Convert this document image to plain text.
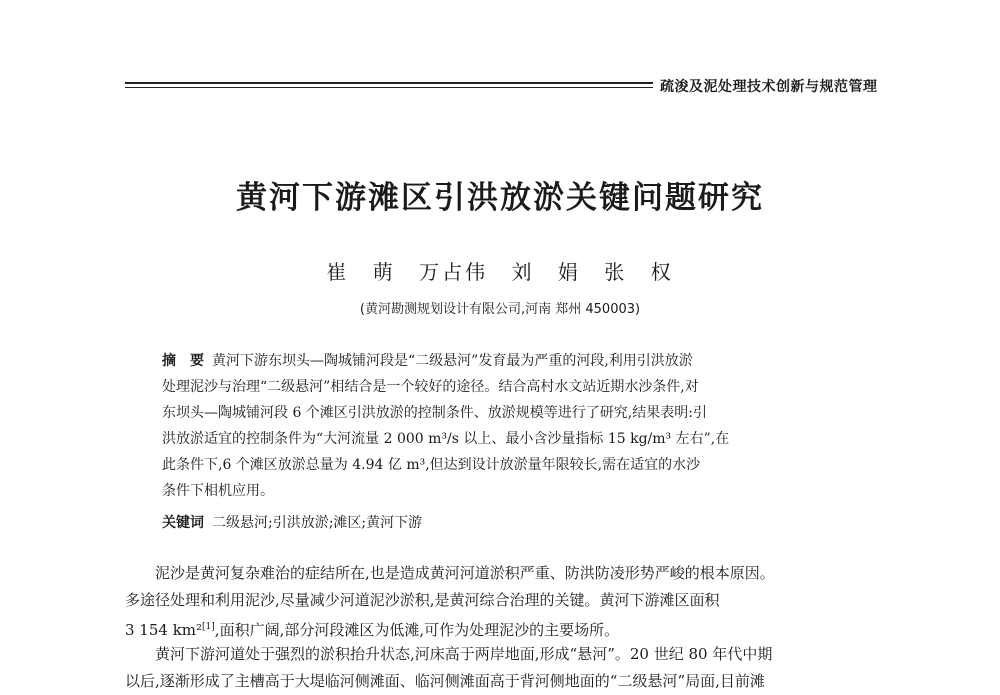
疏浚及泥处理技术创新与规范管理
黄河下游滩区引洪放淤关键问题研究
崔 萌 万占伟 刘 娟 张 权
(黄河勘测规划设计有限公司,河南 郑州 450003)
摘　要 黄河下游东坝头—陶城铺河段是“二级悬河”发育最为严重的河段,利用引洪放淤
处理泥沙与治理“二级悬河”相结合是一个较好的途径。结合高村水文站近期水沙条件,对
东坝头—陶城铺河段 6 个滩区引洪放淤的控制条件、放淤规模等进行了研究,结果表明:引
洪放淤适宜的控制条件为“大河流量 2 000 m³/s 以上、最小含沙量指标 15 kg/m³ 左右”,在
此条件下,6 个滩区放淤总量为 4.94 亿 m³,但达到设计放淤量年限较长,需在适宜的水沙
条件下相机应用。
关键词 二级悬河;引洪放淤;滩区;黄河下游
泥沙是黄河复杂难治的症结所在,也是造成黄河河道淤积严重、防洪防凌形势严峻的根本原因。
多途径处理和利用泥沙,尽量减少河道泥沙淤积,是黄河综合治理的关键。黄河下游滩区面积
3 154 km²[1],面积广阔,部分河段滩区为低滩,可作为处理泥沙的主要场所。
黄河下游河道处于强烈的淤积抬升状态,河床高于两岸地面,形成“悬河”。20 世纪 80 年代中期
以后,逐渐形成了主槽高于大堤临河侧滩面、临河侧滩面高于背河侧地面的“二级悬河”局面,目前滩
